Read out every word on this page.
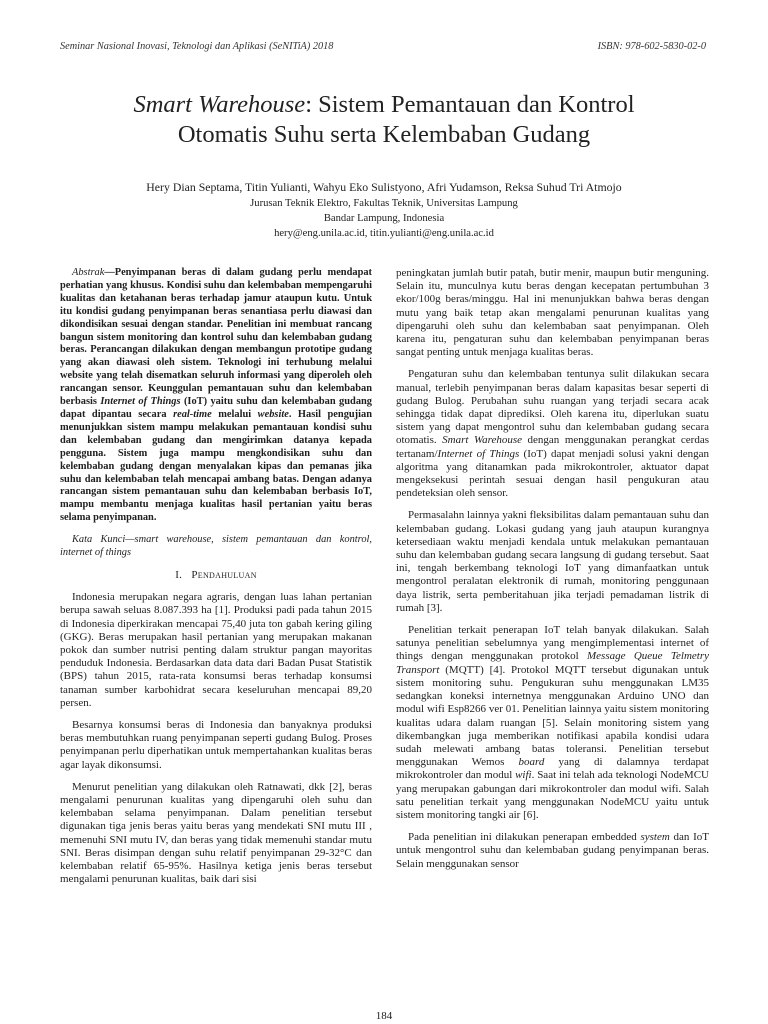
Seminar Nasional Inovasi, Teknologi dan Aplikasi (SeNITiA) 2018	ISBN: 978-602-5830-02-0
Smart Warehouse: Sistem Pemantauan dan Kontrol
Otomatis Suhu serta Kelembaban Gudang
Hery Dian Septama, Titin Yulianti, Wahyu Eko Sulistyono, Afri Yudamson, Reksa Suhud Tri Atmojo
Jurusan Teknik Elektro, Fakultas Teknik, Universitas Lampung
Bandar Lampung, Indonesia
hery@eng.unila.ac.id, titin.yulianti@eng.unila.ac.id

Abstrak—Penyimpanan beras di dalam gudang perlu mendapat perhatian yang khusus. Kondisi suhu dan kelembaban mempengaruhi kualitas dan ketahanan beras terhadap jamur ataupun kutu. Untuk itu kondisi gudang penyimpanan beras senantiasa perlu diawasi dan dikondisikan sesuai dengan standar. Penelitian ini membuat rancang bangun sistem monitoring dan kontrol suhu dan kelembaban gudang beras. Perancangan dilakukan dengan membangun prototipe gudang yang akan diawasi oleh sistem. Teknologi ini terhubung melalui website yang telah disematkan seluruh informasi yang diperoleh oleh rancangan sensor. Keunggulan pemantauan suhu dan kelembaban berbasis Internet of Things (IoT) yaitu suhu dan kelembaban gudang dapat dipantau secara real-time melalui website. Hasil pengujian menunjukkan sistem mampu melakukan pemantauan kondisi suhu dan kelembaban gudang dan mengirimkan datanya kepada pengguna. Sistem juga mampu mengkondisikan suhu dan kelembaban gudang dengan menyalakan kipas dan pemanas jika suhu dan kelembaban telah mencapai ambang batas. Dengan adanya rancangan sistem pemantauan suhu dan kelembaban berbasis IoT, mampu membantu menjaga kualitas hasil pertanian yaitu beras selama penyimpanan.

Kata Kunci—smart warehouse, sistem pemantauan dan kontrol, internet of things

I. Pendahuluan

Indonesia merupakan negara agraris, dengan luas lahan pertanian berupa sawah seluas 8.087.393 ha [1]. Produksi padi pada tahun 2015 di Indonesia diperkirakan mencapai 75,40 juta ton gabah kering giling (GKG). Beras merupakan hasil pertanian yang merupakan makanan pokok dan sumber nutrisi penting dalam struktur pangan mayoritas penduduk Indonesia. Berdasarkan data data dari Badan Pusat Statistik (BPS) tahun 2015, rata-rata konsumsi beras terhadap konsumsi tanaman sumber karbohidrat secara keseluruhan mencapai 89,20 persen.

Besarnya konsumsi beras di Indonesia dan banyaknya produksi beras membutuhkan ruang penyimpanan seperti gudang Bulog. Proses penyimpanan perlu diperhatikan untuk mempertahankan kualitas beras agar layak dikonsumsi.

Menurut penelitian yang dilakukan oleh Ratnawati, dkk [2], beras mengalami penurunan kualitas yang dipengaruhi oleh suhu dan kelembaban selama penyimpanan. Dalam penelitian tersebut digunakan tiga jenis beras yaitu beras yang mendekati SNI mutu III , memenuhi SNI mutu IV, dan beras yang tidak memenuhi standar mutu SNI. Beras disimpan dengan suhu relatif penyimpanan 29-32°C dan kelembaban relatif 65-95%. Hasilnya ketiga jenis beras tersebut mengalami penurunan kualitas, baik dari sisi

peningkatan jumlah butir patah, butir menir, maupun butir menguning. Selain itu, munculnya kutu beras dengan kecepatan pertumbuhan 3 ekor/100g beras/minggu. Hal ini menunjukkan bahwa beras dengan mutu yang baik tetap akan mengalami penurunan kualitas yang dipengaruhi oleh suhu dan kelembaban saat penyimpanan. Oleh karena itu, pengaturan suhu dan kelembaban penyimpanan beras sangat penting untuk menjaga kualitas beras.

Pengaturan suhu dan kelembaban tentunya sulit dilakukan secara manual, terlebih penyimpanan beras dalam kapasitas besar seperti di gudang Bulog. Perubahan suhu ruangan yang terjadi secara acak sehingga tidak dapat diprediksi. Oleh karena itu, diperlukan suatu sistem yang dapat mengontrol suhu dan kelembaban gudang secara otomatis. Smart Warehouse dengan menggunakan perangkat cerdas tertanam/Internet of Things (IoT) dapat menjadi solusi yakni dengan algoritma yang ditanamkan pada mikrokontroler, aktuator dapat mengeksekusi perintah sesuai dengan hasil pengukuran atau pendeteksian oleh sensor.

Permasalahn lainnya yakni fleksibilitas dalam pemantauan suhu dan kelembaban gudang. Lokasi gudang yang jauh ataupun kurangnya ketersediaan waktu menjadi kendala untuk melakukan pemantauan suhu dan kelembaban gudang secara langsung di gudang tersebut. Saat ini, tengah berkembang teknologi IoT yang dimanfaatkan untuk mengontrol peralatan elektronik di rumah, monitoring penggunaan daya listrik, serta pemberitahuan jika terjadi pemadaman listrik di rumah [3].

Penelitian terkait penerapan IoT telah banyak dilakukan. Salah satunya penelitian sebelumnya yang mengimplementasi internet of things dengan menggunakan protokol Message Queue Telmetry Transport (MQTT) [4]. Protokol MQTT tersebut digunakan untuk sistem monitoring suhu. Pengukuran suhu menggunakan LM35 sedangkan koneksi internetnya menggunakan Arduino UNO dan modul wifi Esp8266 ver 01. Penelitian lainnya yaitu sistem monitoring kualitas udara dalam ruangan [5]. Selain monitoring sistem yang dikembangkan juga memberikan notifikasi apabila kondisi udara sudah melewati ambang batas toleransi. Penelitian tersebut menggunakan Wemos board yang di dalamnya terdapat mikrokontroler dan modul wifi. Saat ini telah ada teknologi NodeMCU yang merupakan gabungan dari mikrokontroler dan modul wifi. Salah satu penelitian terkait yang menggunakan NodeMCU yaitu untuk sistem monitoring tangki air [6].

Pada penelitian ini dilakukan penerapan embedded system dan IoT untuk mengontrol suhu dan kelembaban gudang penyimpanan beras. Selain menggunakan sensor

184
